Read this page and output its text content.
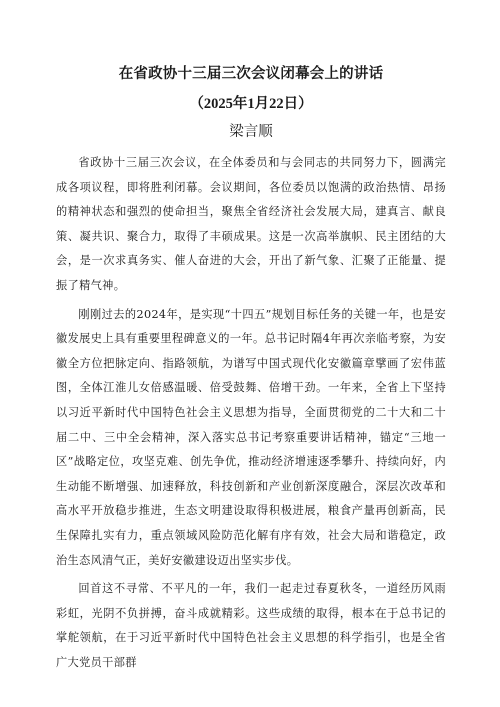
在省政协十三届三次会议闭幕会上的讲话
（2025年1月22日）
梁言顺

省政协十三届三次会议，在全体委员和与会同志的共同努力下，圆满完成各项议程，即将胜利闭幕。会议期间，各位委员以饱满的政治热情、昂扬的精神状态和强烈的使命担当，聚焦全省经济社会发展大局，建真言、献良策、凝共识、聚合力，取得了丰硕成果。这是一次高举旗帜、民主团结的大会，是一次求真务实、催人奋进的大会，开出了新气象、汇聚了正能量、提振了精气神。

刚刚过去的2024年，是实现“十四五”规划目标任务的关键一年，也是安徽发展史上具有重要里程碑意义的一年。总书记时隔4年再次亲临考察，为安徽全方位把脉定向、指路领航，为谱写中国式现代化安徽篇章擘画了宏伟蓝图，全体江淮儿女倍感温暖、倍受鼓舞、倍增干劲。一年来，全省上下坚持以习近平新时代中国特色社会主义思想为指导，全面贯彻党的二十大和二十届二中、三中全会精神，深入落实总书记考察重要讲话精神，锚定“三地一区”战略定位，攻坚克难、创先争优，推动经济增速逐季攀升、持续向好，内生动能不断增强、加速释放，科技创新和产业创新深度融合，深层次改革和高水平开放稳步推进，生态文明建设取得积极进展，粮食产量再创新高，民生保障扎实有力，重点领域风险防范化解有序有效，社会大局和谐稳定，政治生态风清气正，美好安徽建设迈出坚实步伐。

回首这不寻常、不平凡的一年，我们一起走过春夏秋冬，一道经历风雨彩虹，光阴不负拼搏，奋斗成就精彩。这些成绩的取得，根本在于总书记的掌舵领航，在于习近平新时代中国特色社会主义思想的科学指引，也是全省广大党员干部群
